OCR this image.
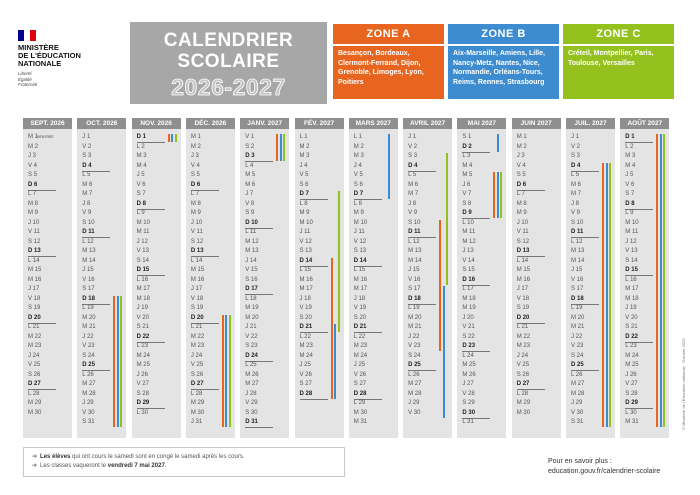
MINISTÈRE
DE L'ÉDUCATION
NATIONALE
Liberté
Égalité
Fraternité
CALENDRIER
SCOLAIRE
2026-2027
ZONE A
Besançon, Bordeaux, Clermont-Ferrand, Dijon, Grenoble, Limoges, Lyon, Poitiers
ZONE B
Aix-Marseille, Amiens, Lille, Nancy-Metz, Nantes, Nice, Normandie, Orléans-Tours, Reims, Rennes, Strasbourg
ZONE C
Créteil, Montpellier, Paris, Toulouse, Versailles
SEPT. 2026
M 1
M 2
J 3
V 4
S 5
D 6
L 7
M 8
M 9
J 10
V 11
S 12
D 13
L 14
M 15
M 16
J 17
V 18
S 19
D 20
L 21
M 22
M 23
J 24
V 25
S 26
D 27
L 28
M 29
M 30
RENTRÉE
OCT. 2026
J 1
V 2
S 3
D 4
L 5
M 6
M 7
J 8
V 9
S 10
D 11
L 12
M 13
M 14
J 15
V 16
S 17
D 18
L 19
M 20
M 21
J 22
V 23
S 24
D 25
L 26
M 27
M 28
J 29
V 30
S 31
NOV. 2026
D 1
L 2
M 3
M 4
J 5
V 6
S 7
D 8
L 9
M 10
M 11
J 12
V 13
S 14
D 15
L 16
M 17
M 18
J 19
V 20
S 21
D 22
L 23
M 24
M 25
J 26
V 27
S 28
D 29
L 30
DÉC. 2026
M 1
M 2
J 3
V 4
S 5
D 6
L 7
M 8
M 9
J 10
V 11
S 12
D 13
L 14
M 15
M 16
J 17
V 18
S 19
D 20
L 21
M 22
M 23
J 24
V 25
S 26
D 27
L 28
M 29
M 30
J 31
JANV. 2027
V 1
S 2
D 3
L 4
M 5
M 6
J 7
V 8
S 9
D 10
L 11
M 12
M 13
J 14
V 15
S 16
D 17
L 18
M 19
M 20
J 21
V 22
S 23
D 24
L 25
M 26
M 27
J 28
V 29
S 30
D 31
FÉV. 2027
L 1
M 2
M 3
J 4
V 5
S 6
D 7
L 8
M 9
M 10
J 11
V 12
S 13
D 14
L 15
M 16
M 17
J 18
V 19
S 20
D 21
L 22
M 23
M 24
J 25
V 26
S 27
D 28
MARS 2027
L 1
M 2
M 3
J 4
V 5
S 6
D 7
L 8
M 9
M 10
J 11
V 12
S 13
D 14
L 15
M 16
M 17
J 18
V 19
S 20
D 21
L 22
M 23
M 24
J 25
V 26
S 27
D 28
L 29
M 30
M 31
AVRIL 2027
J 1
V 2
S 3
D 4
L 5
M 6
M 7
J 8
V 9
S 10
D 11
L 12
M 13
M 14
J 15
V 16
S 17
D 18
L 19
M 20
M 21
J 22
V 23
S 24
D 25
L 26
M 27
M 28
J 29
V 30
MAI 2027
S 1
D 2
L 3
M 4
M 5
J 6
V 7
S 8
D 9
L 10
M 11
M 12
J 13
V 14
S 15
D 16
L 17
M 18
M 19
J 20
V 21
S 22
D 23
L 24
M 25
M 26
J 27
V 28
S 29
D 30
L 31
JUIN 2027
M 1
M 2
J 3
V 4
S 5
D 6
L 7
M 8
M 9
J 10
V 11
S 12
D 13
L 14
M 15
M 16
J 17
V 18
S 19
D 20
L 21
M 22
M 23
J 24
V 25
S 26
D 27
L 28
M 29
M 30
JUIL. 2027
J 1
V 2
S 3
D 4
L 5
M 6
M 7
J 8
V 9
S 10
D 11
L 12
M 13
M 14
J 15
V 16
S 17
D 18
L 19
M 20
M 21
J 22
V 23
S 24
D 25
L 26
M 27
M 28
J 29
V 30
S 31
AOÛT 2027
D 1
L 2
M 3
M 4
J 5
V 6
S 7
D 8
L 9
M 10
M 11
J 12
V 13
S 14
D 15
L 16
M 17
M 18
J 19
V 20
S 21
D 22
L 23
M 24
M 25
J 26
V 27
S 28
D 29
L 30
M 31
➜ Les élèves qui ont cours le samedi sont en congé le samedi après les cours.
➜ Les classes vaqueront le vendredi 7 mai 2027.
Pour en savoir plus :
education.gouv.fr/calendrier-scolaire
© Ministère de l'Éducation nationale · Octobre 2025
